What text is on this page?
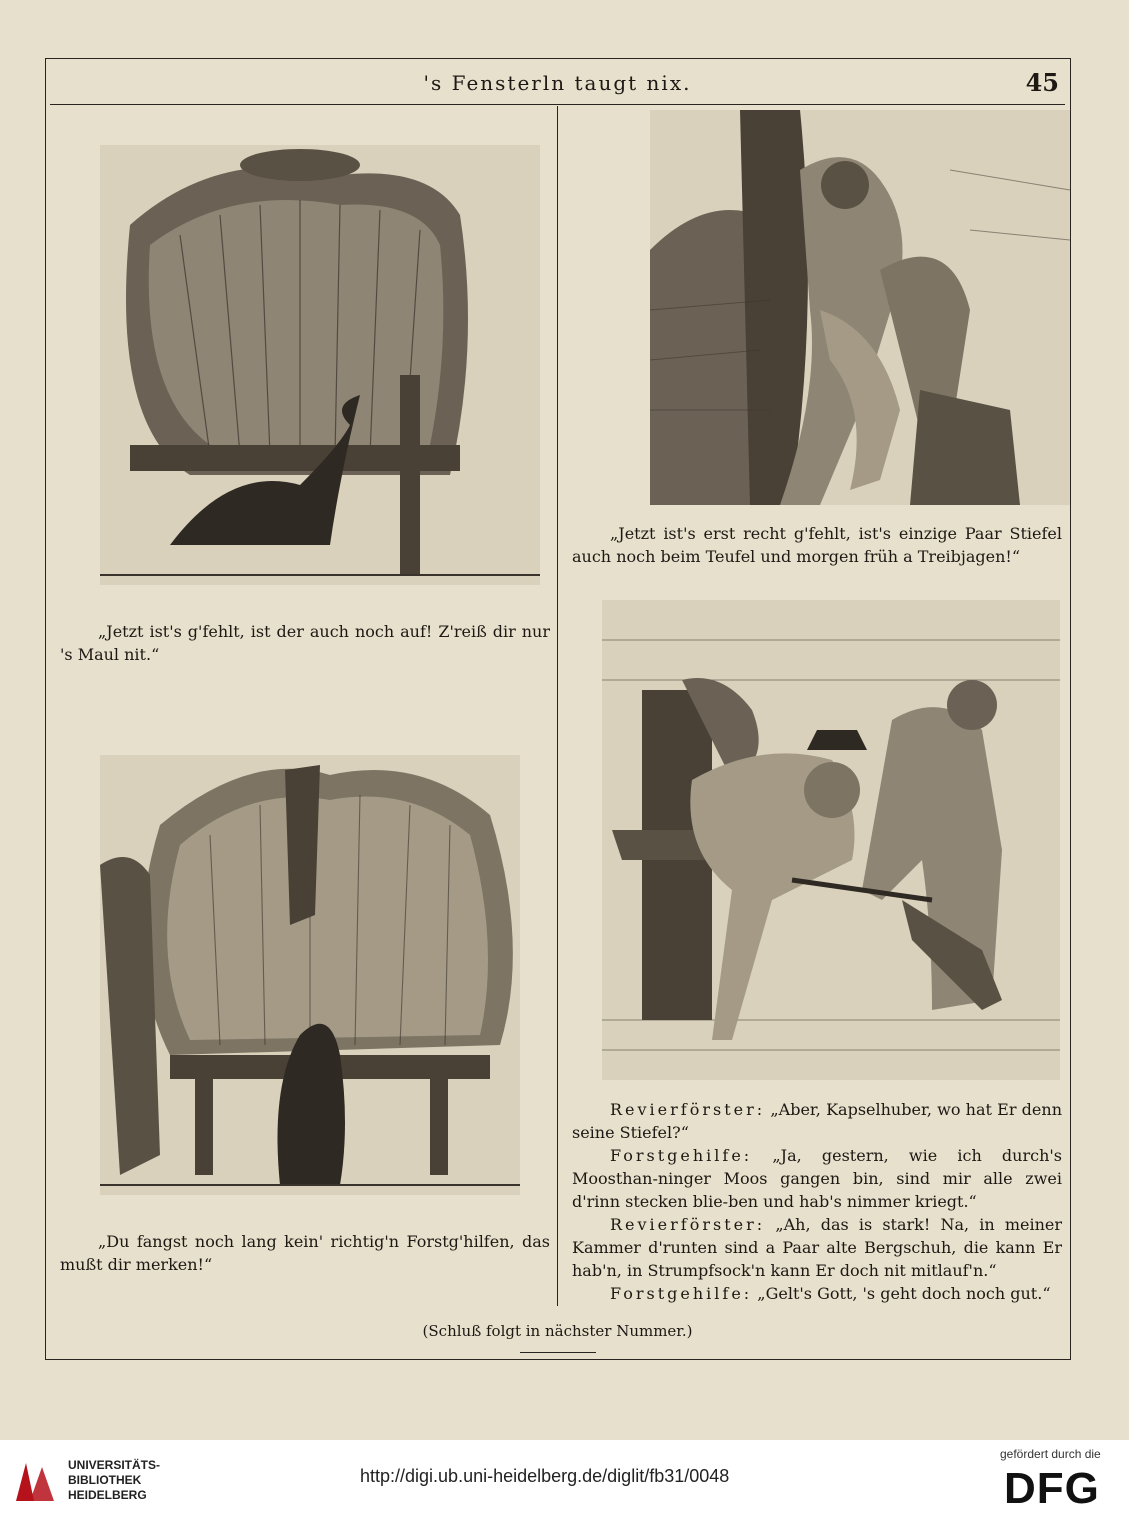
's Fensterln taugt nix.	45

„Jetzt ist's g'fehlt, ist der auch noch auf! Z'reiß dir nur 's Maul nit.“

„Du fangst noch lang kein' richtig'n Forstg'hilfen, das mußt dir merken!“

„Jetzt ist's erst recht g'fehlt, ist's einzige Paar Stiefel auch noch beim Teufel und morgen früh a Treibjagen!“

Revierförster: „Aber, Kapselhuber, wo hat Er denn seine Stiefel?“

Forstgehilfe: „Ja, gestern, wie ich durch's Moosthan-ninger Moos gangen bin, sind mir alle zwei d'rinn stecken blie-ben und hab's nimmer kriegt.“

Revierförster: „Ah, das is stark! Na, in meiner Kammer d'runten sind a Paar alte Bergschuh, die kann Er hab'n, in Strumpfsock'n kann Er doch nit mitlauf'n.“

Forstgehilfe: „Gelt's Gott, 's geht doch noch gut.“

(Schluß folgt in nächster Nummer.)
UNIVERSITÄTS-
BIBLIOTHEK
HEIDELBERG
http://digi.ub.uni-heidelberg.de/diglit/fb31/0048
gefördert durch die
DFG
